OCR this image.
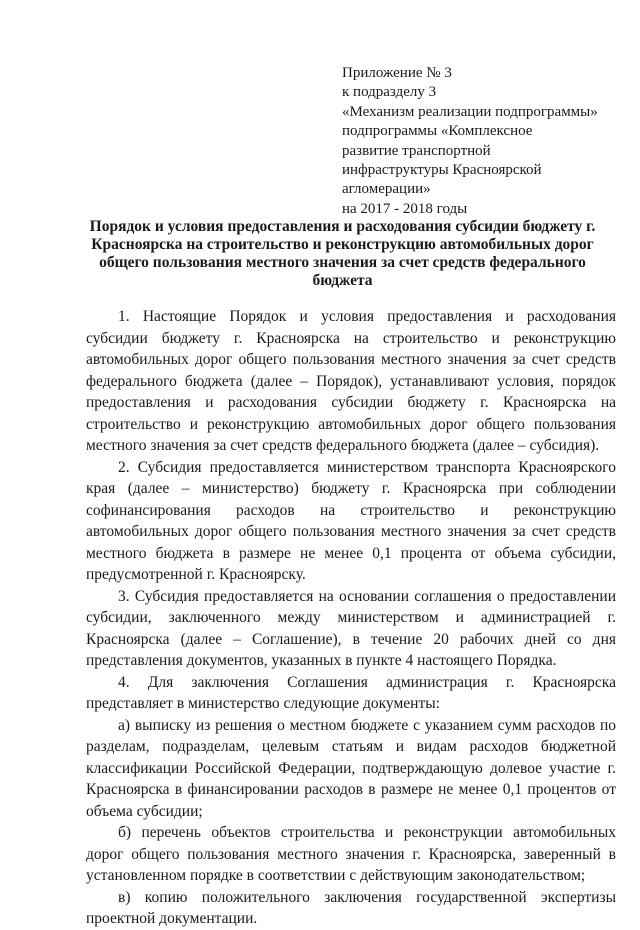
Приложение № 3
к подразделу 3
«Механизм реализации подпрограммы»
подпрограммы «Комплексное
развитие транспортной
инфраструктуры Красноярской
агломерации»
на 2017 - 2018 годы
Порядок и условия предоставления и расходования субсидии бюджету г. Красноярска на строительство и реконструкцию автомобильных дорог общего пользования местного значения за счет средств федерального бюджета

1. Настоящие Порядок и условия предоставления и расходования субсидии бюджету г. Красноярска на строительство и реконструкцию автомобильных дорог общего пользования местного значения за счет средств федерального бюджета (далее – Порядок), устанавливают условия, порядок предоставления и расходования субсидии бюджету г. Красноярска на строительство и реконструкцию автомобильных дорог общего пользования местного значения за счет средств федерального бюджета (далее – субсидия).

2. Субсидия предоставляется министерством транспорта Красноярского края (далее – министерство) бюджету г. Красноярска при соблюдении софинансирования расходов на строительство и реконструкцию автомобильных дорог общего пользования местного значения за счет средств местного бюджета в размере не менее 0,1 процента от объема субсидии, предусмотренной г. Красноярску.

3. Субсидия предоставляется на основании соглашения о предоставлении субсидии, заключенного между министерством и администрацией г. Красноярска (далее – Соглашение), в течение 20 рабочих дней со дня представления документов, указанных в пункте 4 настоящего Порядка.

4. Для заключения Соглашения администрация г. Красноярска представляет в министерство следующие документы:

а) выписку из решения о местном бюджете с указанием сумм расходов по разделам, подразделам, целевым статьям и видам расходов бюджетной классификации Российской Федерации, подтверждающую долевое участие г. Красноярска в финансировании расходов в размере не менее 0,1 процентов от объема субсидии;

б) перечень объектов строительства и реконструкции автомобильных дорог общего пользования местного значения г. Красноярска, заверенный в установленном порядке в соответствии с действующим законодательством;

в) копию положительного заключения государственной экспертизы проектной документации.
